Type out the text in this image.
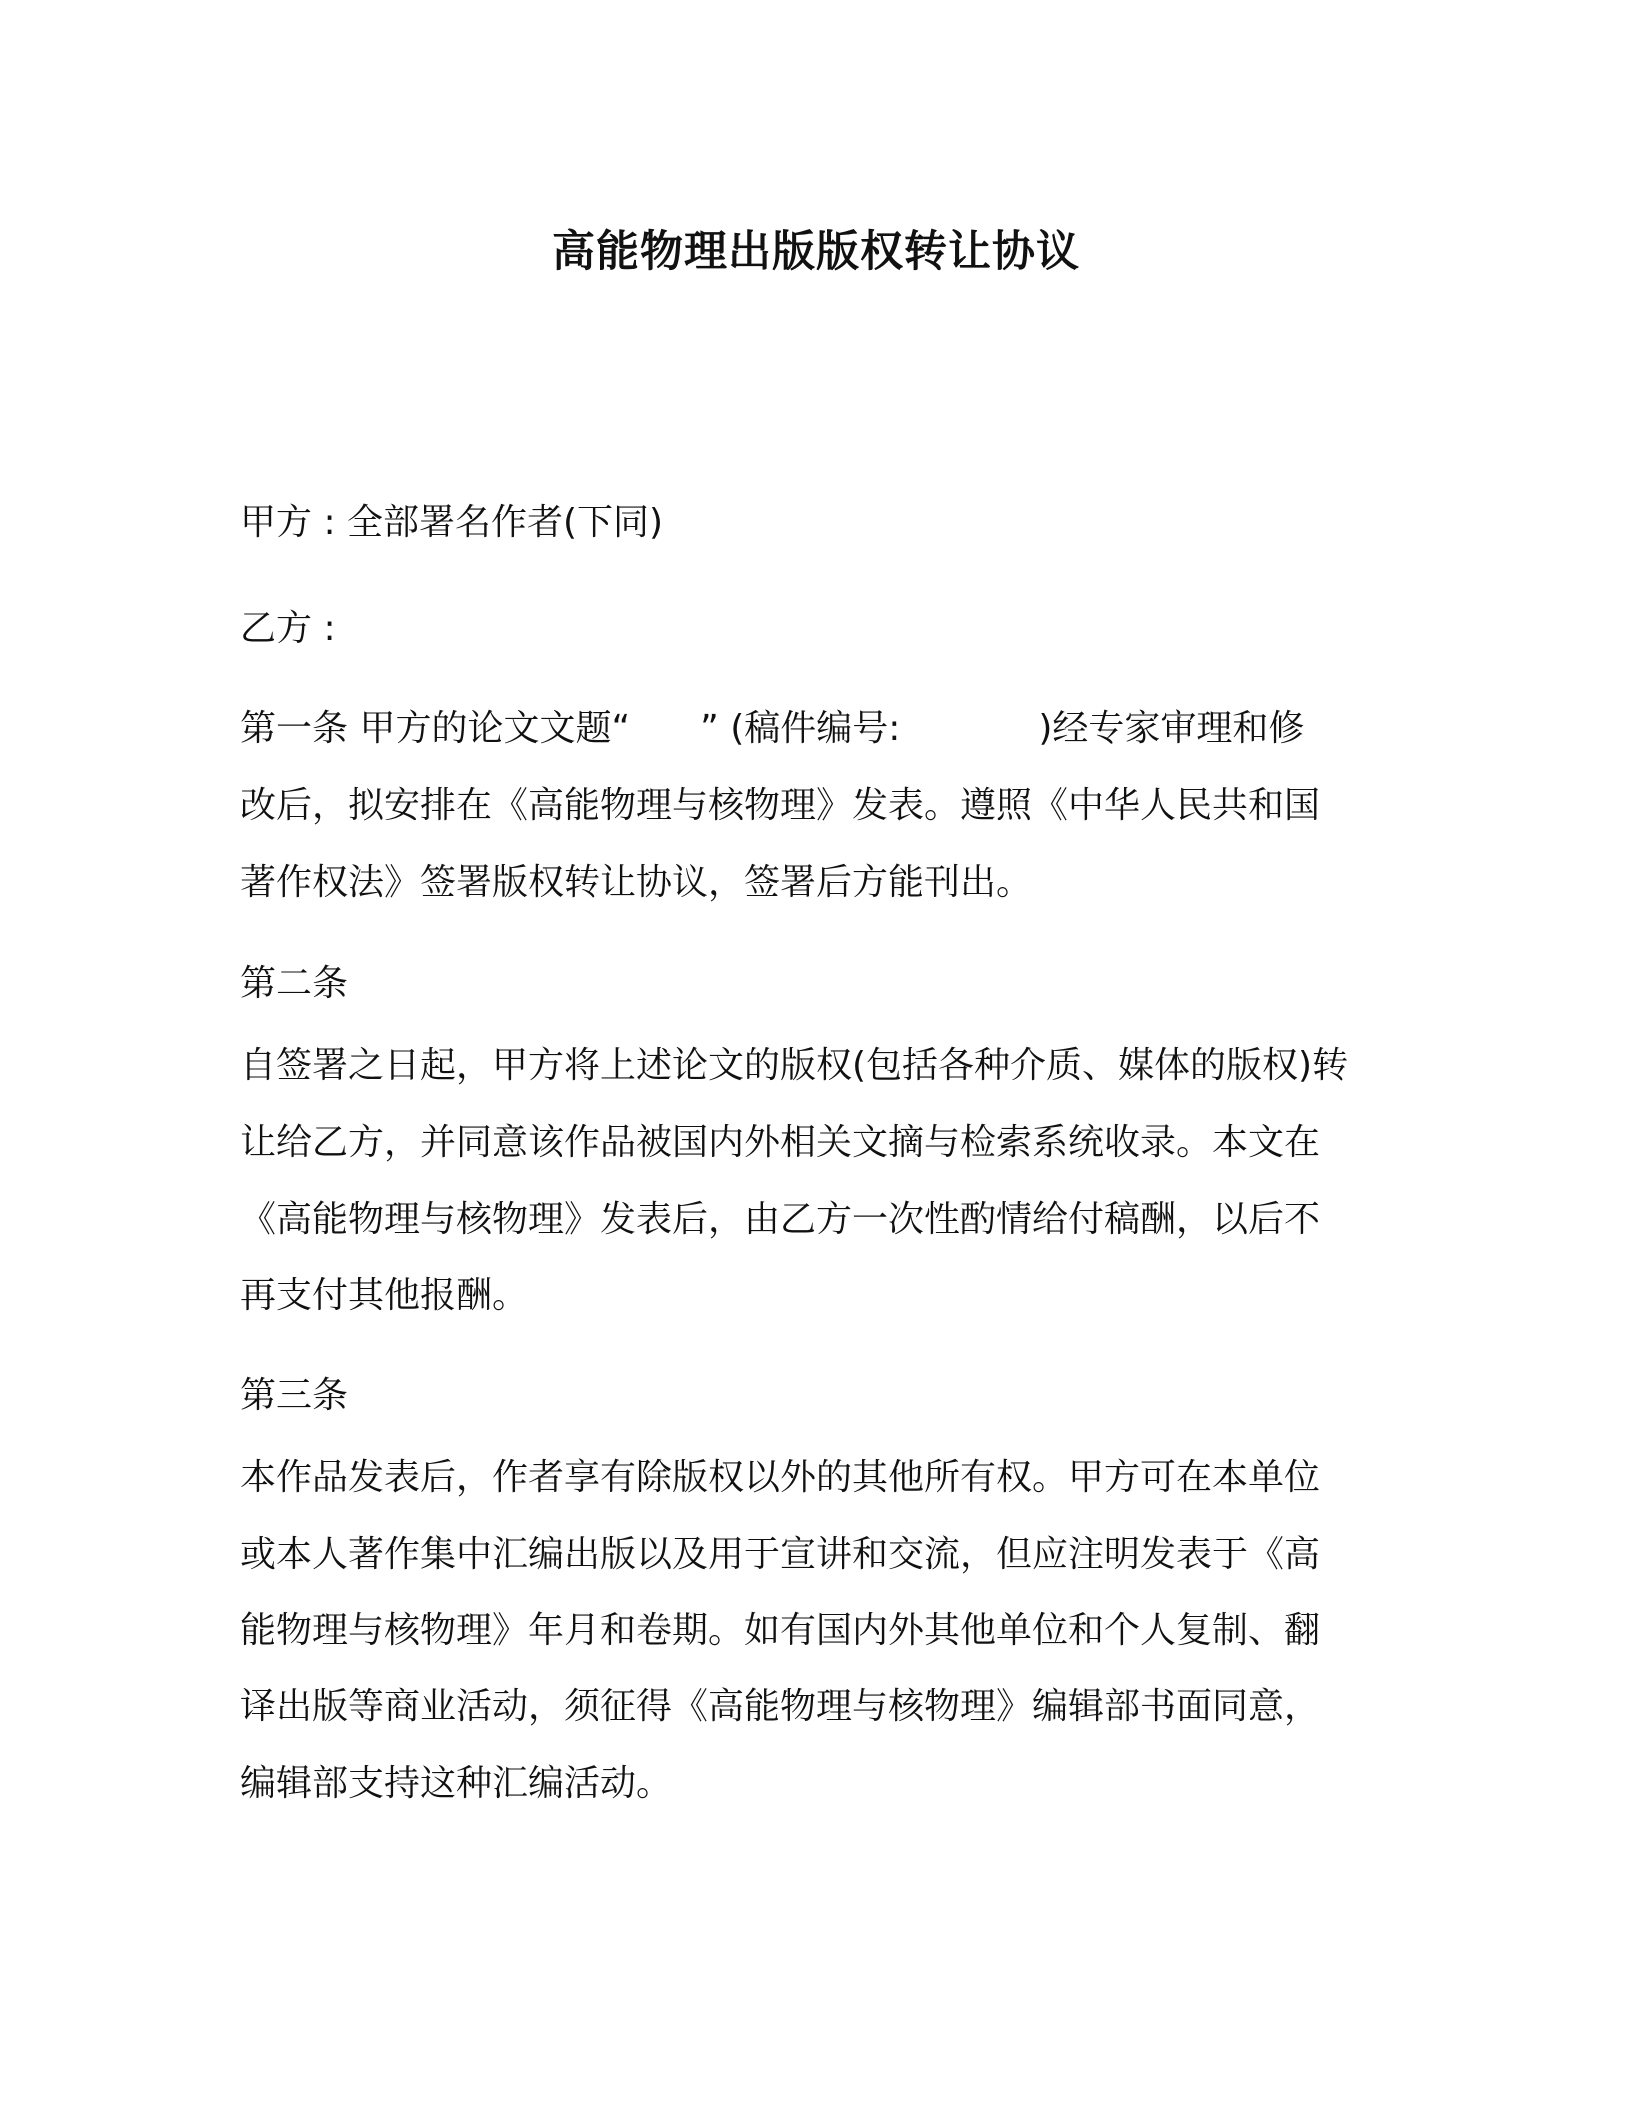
高能物理出版版权转让协议
甲方 : 全部署名作者(下同)
乙方 :
第一条 甲方的论文文题“ ” (稿件编号:	)经专家审理和修
改后，拟安排在《高能物理与核物理》发表。遵照《中华人民共和国
著作权法》签署版权转让协议，签署后方能刊出。
第二条
自签署之日起，甲方将上述论文的版权(包括各种介质、媒体的版权)转
让给乙方，并同意该作品被国内外相关文摘与检索系统收录。本文在
《高能物理与核物理》发表后，由乙方一次性酌情给付稿酬，以后不
再支付其他报酬。
第三条
本作品发表后，作者享有除版权以外的其他所有权。甲方可在本单位
或本人著作集中汇编出版以及用于宣讲和交流，但应注明发表于《高
能物理与核物理》年月和卷期。如有国内外其他单位和个人复制、翻
译出版等商业活动，须征得《高能物理与核物理》编辑部书面同意，
编辑部支持这种汇编活动。
